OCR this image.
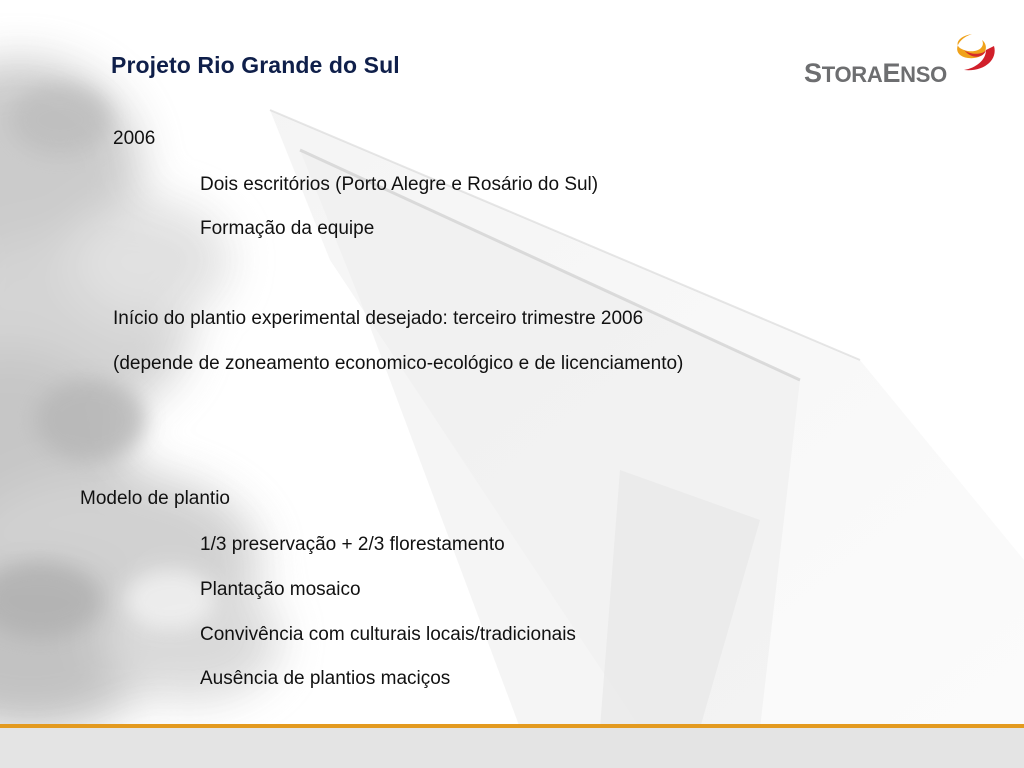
Projeto Rio Grande do Sul	STORAENSO
2006
Dois escritórios (Porto Alegre e Rosário do Sul)
Formação da equipe
Início do plantio experimental desejado: terceiro trimestre 2006
(depende de zoneamento economico-ecológico e de licenciamento)
Modelo de plantio
1/3 preservação + 2/3 florestamento
Plantação mosaico
Convivência com culturais locais/tradicionais
Ausência de plantios maciços
